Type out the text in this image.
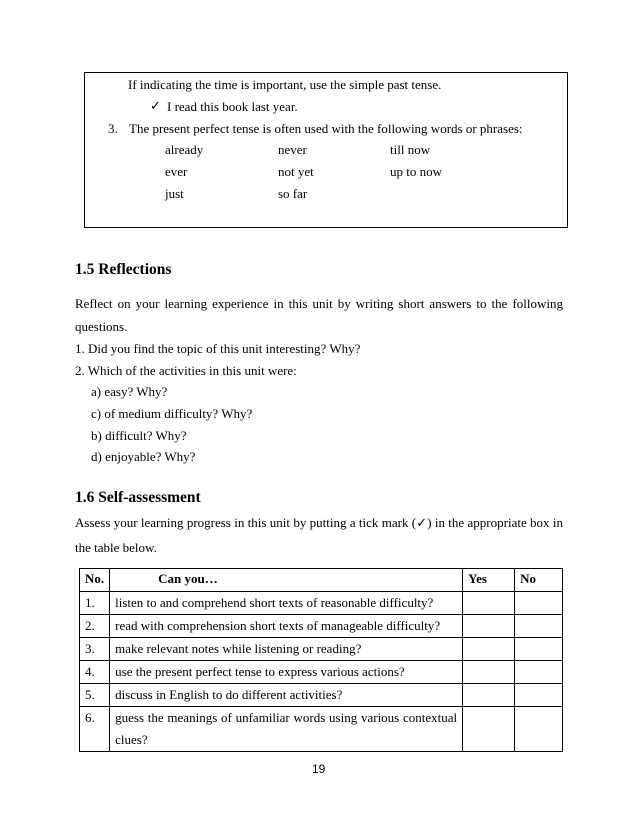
If indicating the time is important, use the simple past tense.
✓ I read this book last year.
3. The present perfect tense is often used with the following words or phrases:
already	never	till now
ever	not yet	up to now
just	so far
1.5 Reflections
Reflect on your learning experience in this unit by writing short answers to the following
questions.
1. Did you find the topic of this unit interesting? Why?
2. Which of the activities in this unit were:
a) easy? Why?
c) of medium difficulty? Why?
b) difficult? Why?
d) enjoyable? Why?
1.6 Self-assessment
Assess your learning progress in this unit by putting a tick mark (✓) in the appropriate box in
the table below.
No.	Can you…	Yes	No
1.	listen to and comprehend short texts of reasonable difficulty?		
2.	read with comprehension short texts of manageable difficulty?		
3.	make relevant notes while listening or reading?		
4.	use the present perfect tense to express various actions?		
5.	discuss in English to do different activities?		
6.	guess the meanings of unfamiliar words using various contextual clues?		
19
